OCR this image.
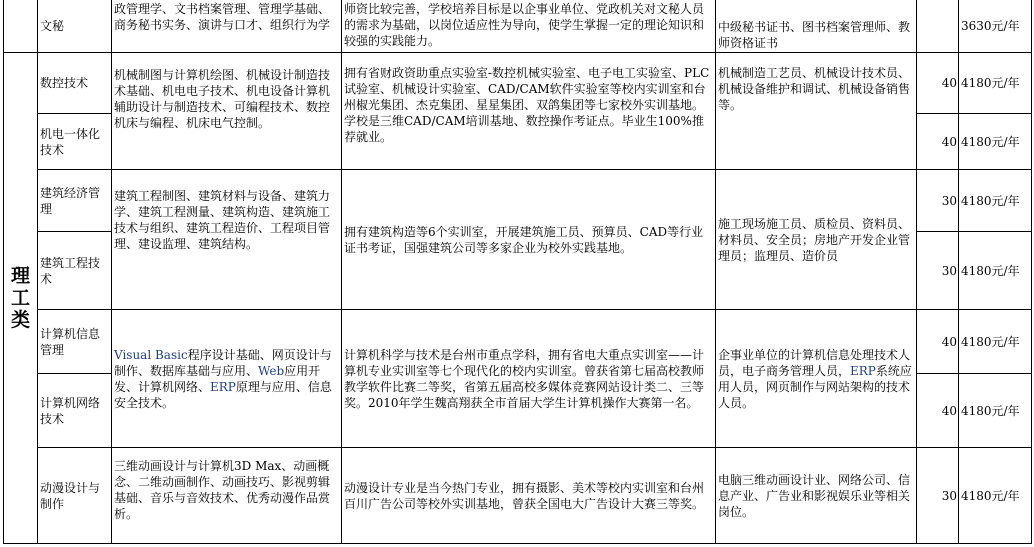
	文秘	政管理学、文书档案管理、管理学基础、商务秘书实务、演讲与口才、组织行为学	师资比较完善，学校培养目标是以企事业单位、党政机关对文秘人员的需求为基础，以岗位适应性为导向，使学生掌握一定的理论知识和较强的实践能力。	中级秘书证书、图书档案管理师、教师资格证书		3630元/年
理工类	数控技术	机械制图与计算机绘图、机械设计制造技术基础、机电电子技术、机电设备计算机辅助设计与制造技术、可编程技术、数控机床与编程、机床电气控制。	拥有省财政资助重点实验室-数控机械实验室、电子电工实验室、PLC试验室、机械设计实验室、CAD/CAM软件实验室等校内实训室和台州椒光集团、杰克集团、星星集团、双鸽集团等七家校外实训基地。学校是三维CAD/CAM培训基地、数控操作考证点。毕业生100%推荐就业。	机械制造工艺员、机械设计技术员、机械设备维护和调试、机械设备销售等。	40	4180元/年
	机电一体化技术				40	4180元/年
	建筑经济管理	建筑工程制图、建筑材料与设备、建筑力学、建筑工程测量、建筑构造、建筑施工技术与组织、建筑工程造价、工程项目管理、建设监理、建筑结构。	拥有建筑构造等6个实训室，开展建筑施工员、预算员、CAD等行业证书考证，国强建筑公司等多家企业为校外实践基地。	施工现场施工员、质检员、资料员、材料员、安全员；房地产开发企业管理员；监理员、造价员	30	4180元/年
	建筑工程技术				30	4180元/年
	计算机信息管理	Visual Basic程序设计基础、网页设计与制作、数据库基础与应用、Web应用开发、计算机网络、ERP原理与应用、信息安全技术。	计算机科学与技术是台州市重点学科，拥有省电大重点实训室——计算机专业实训室等七个现代化的校内实训室。曾获省第七届高校教师教学软件比赛二等奖，省第五届高校多媒体竞赛网站设计类二、三等奖。2010年学生魏高翔获全市首届大学生计算机操作大赛第一名。	企事业单位的计算机信息处理技术人员，电子商务管理人员，ERP系统应用人员，网页制作与网站架构的技术人员。	40	4180元/年
	计算机网络技术				40	4180元/年
	动漫设计与制作	三维动画设计与计算机3D Max、动画概念、二维动画制作、动画技巧、影视剪辑基础、音乐与音效技术、优秀动漫作品赏析。	动漫设计专业是当今热门专业，拥有摄影、美术等校内实训室和台州百川广告公司等校外实训基地，曾获全国电大广告设计大赛三等奖。	电脑三维动画设计业、网络公司、信息产业、广告业和影视娱乐业等相关岗位。	30	4180元/年
